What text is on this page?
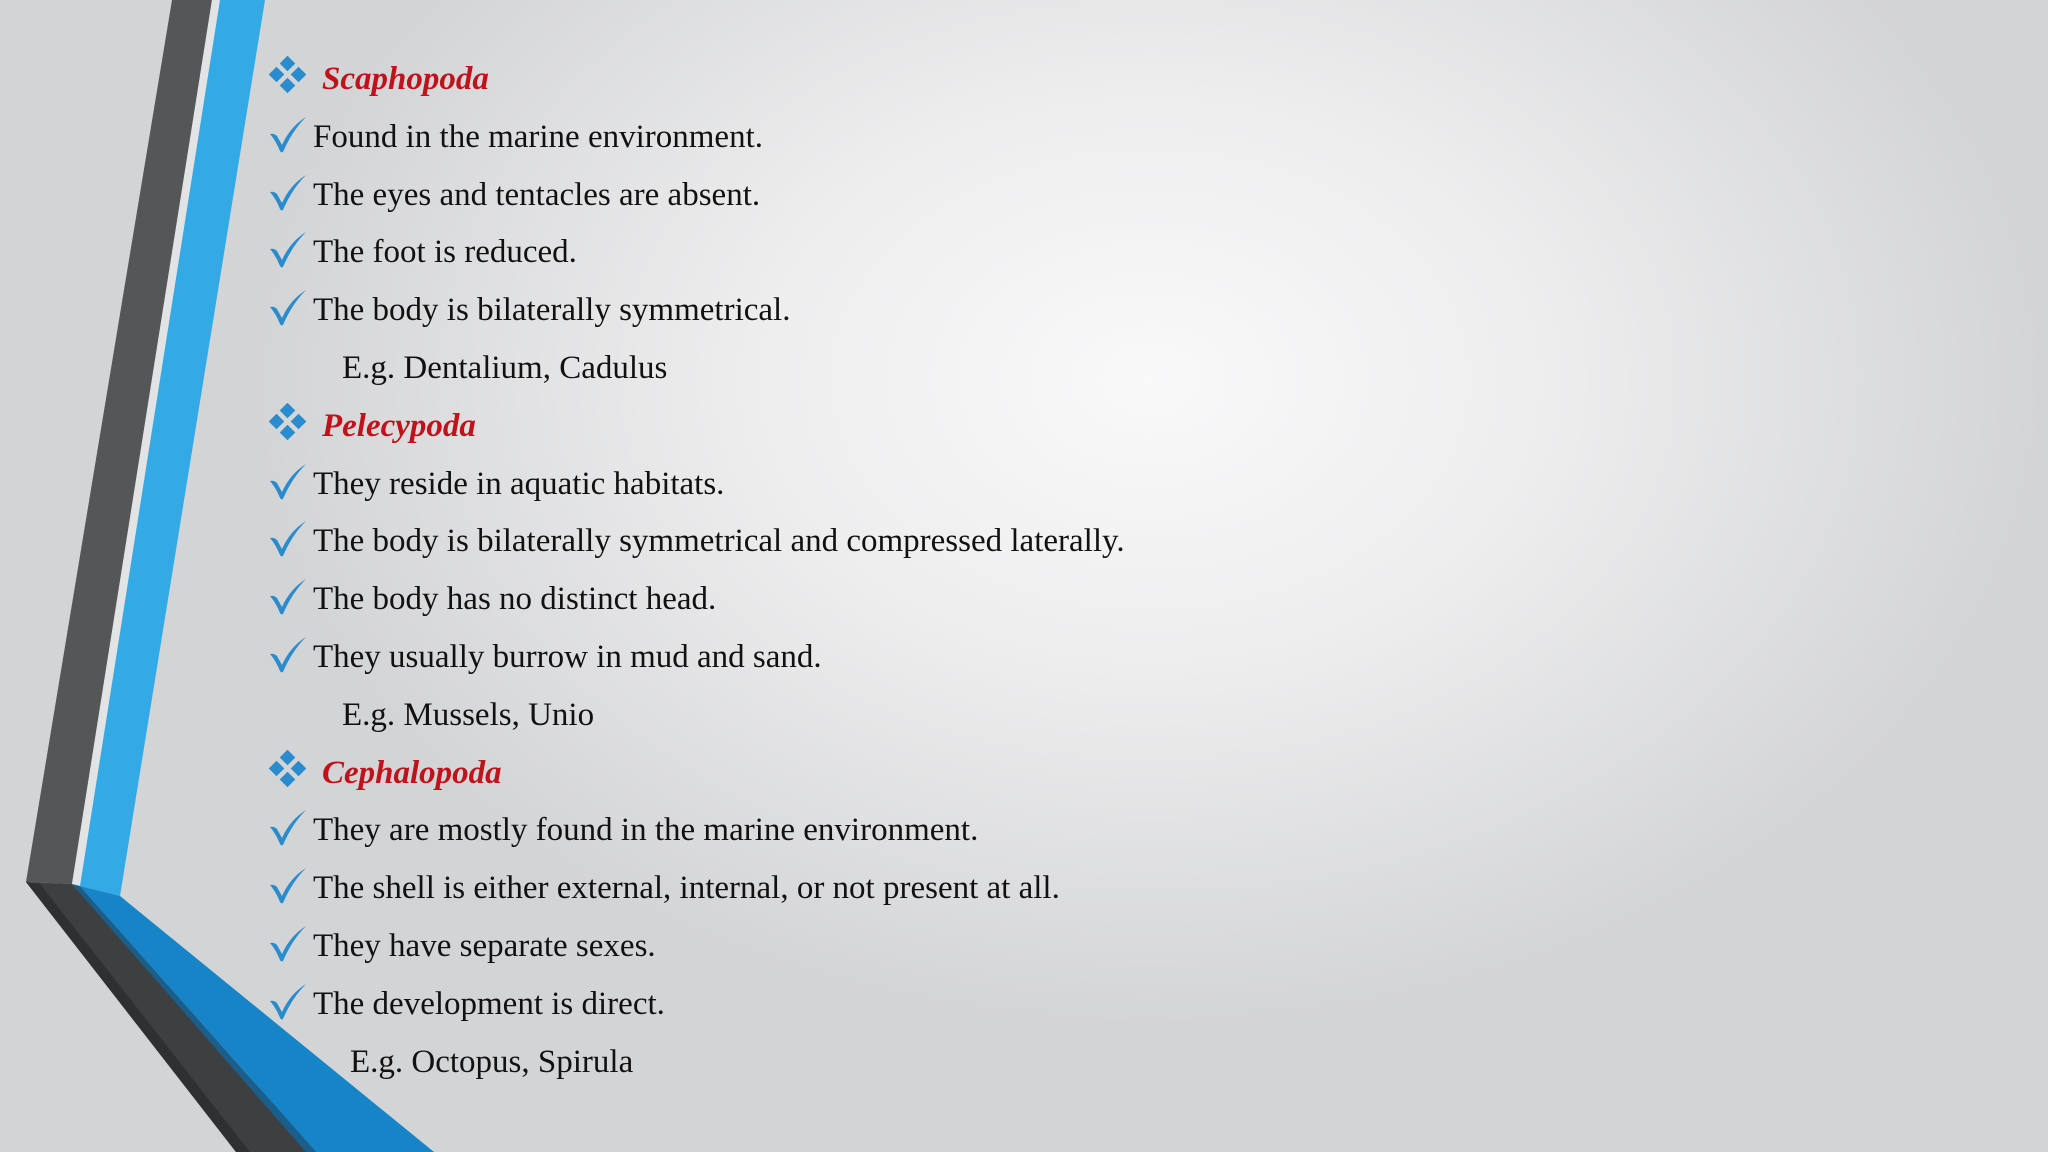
Scaphopoda
Found in the marine environment.
The eyes and tentacles are absent.
The foot is reduced.
The body is bilaterally symmetrical.
E.g. Dentalium, Cadulus
Pelecypoda
They reside in aquatic habitats.
The body is bilaterally symmetrical and compressed laterally.
The body has no distinct head.
They usually burrow in mud and sand.
E.g. Mussels, Unio
Cephalopoda
They are mostly found in the marine environment.
The shell is either external, internal, or not present at all.
They have separate sexes.
The development is direct.
E.g. Octopus, Spirula
